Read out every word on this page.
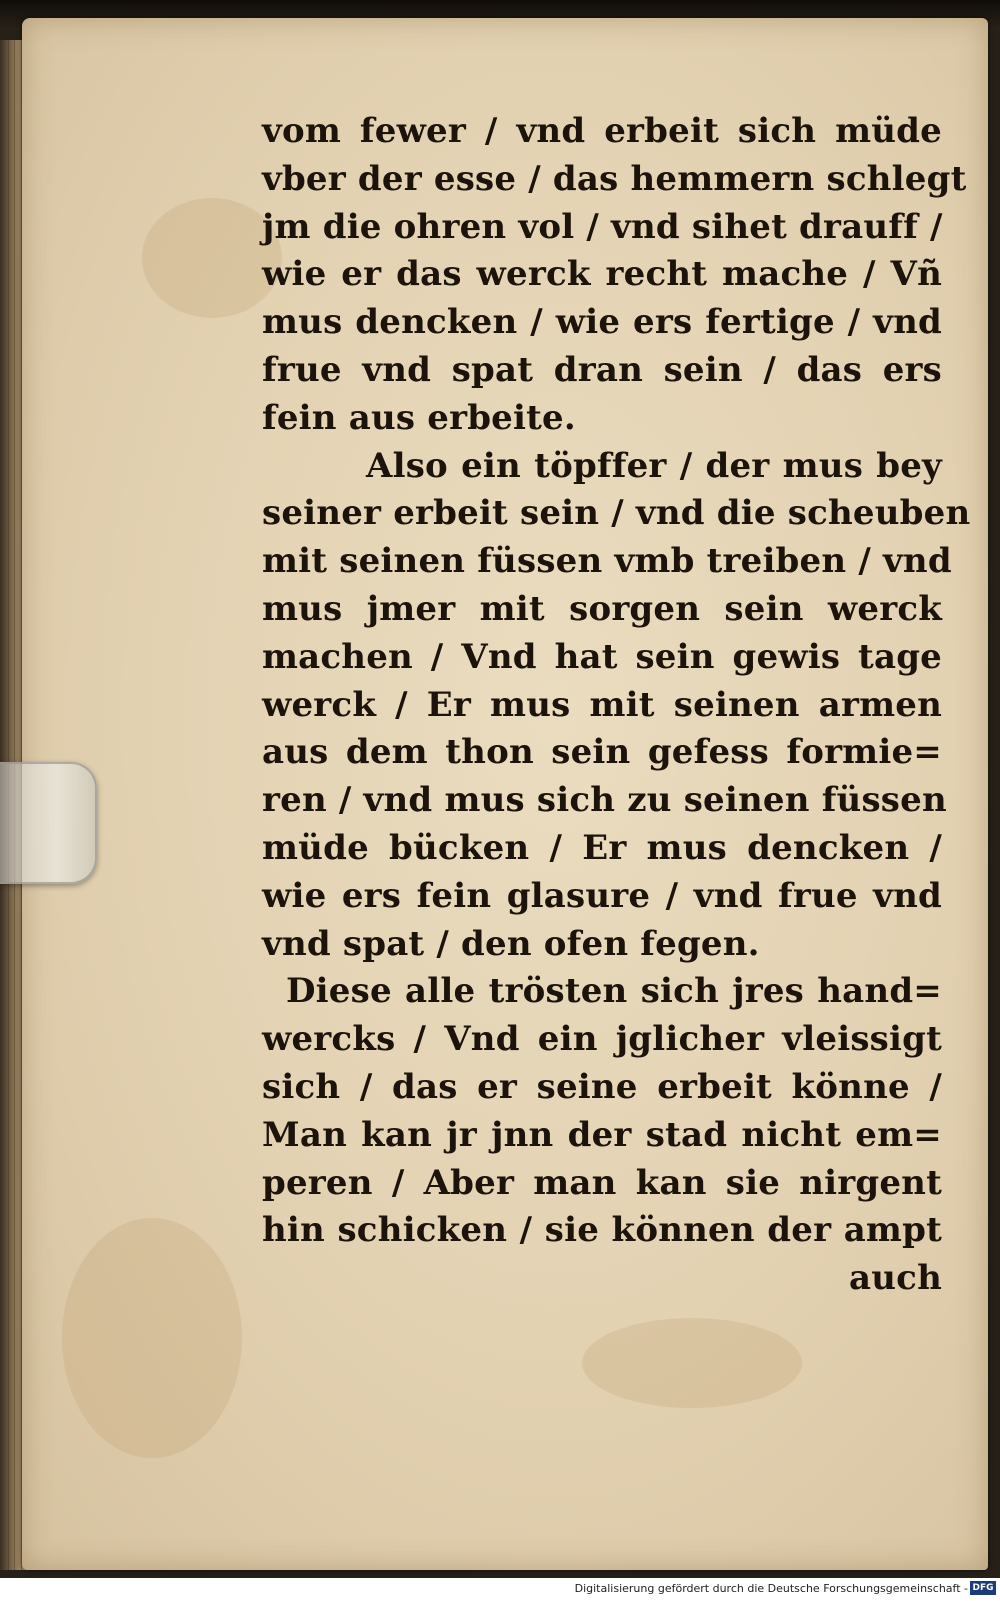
vom fewer / vnd erbeit sich müde
vber der esse / das hemmern schlegt
jm die ohren vol / vnd sihet drauff /
wie er das werck recht mache / Vñ
mus dencken / wie ers fertige / vnd
frue vnd spat dran sein / das ers
fein aus erbeite.
Also ein töpffer / der mus bey
seiner erbeit sein / vnd die scheuben
mit seinen füssen vmb treiben / vnd
mus jmer mit sorgen sein werck
machen / Vnd hat sein gewis tage
werck / Er mus mit seinen armen
aus dem thon sein gefess formie=
ren / vnd mus sich zu seinen füssen
müde bücken / Er mus dencken /
wie ers fein glasure / vnd frue vnd
vnd spat / den ofen fegen.
Diese alle trösten sich jres hand=
wercks / Vnd ein jglicher vleissigt
sich / das er seine erbeit könne /
Man kan jr jnn der stad nicht em=
peren / Aber man kan sie nirgent
hin schicken / sie können der ampt
auch
Digitalisierung gefördert durch die Deutsche Forschungsgemeinschaft - DFG
